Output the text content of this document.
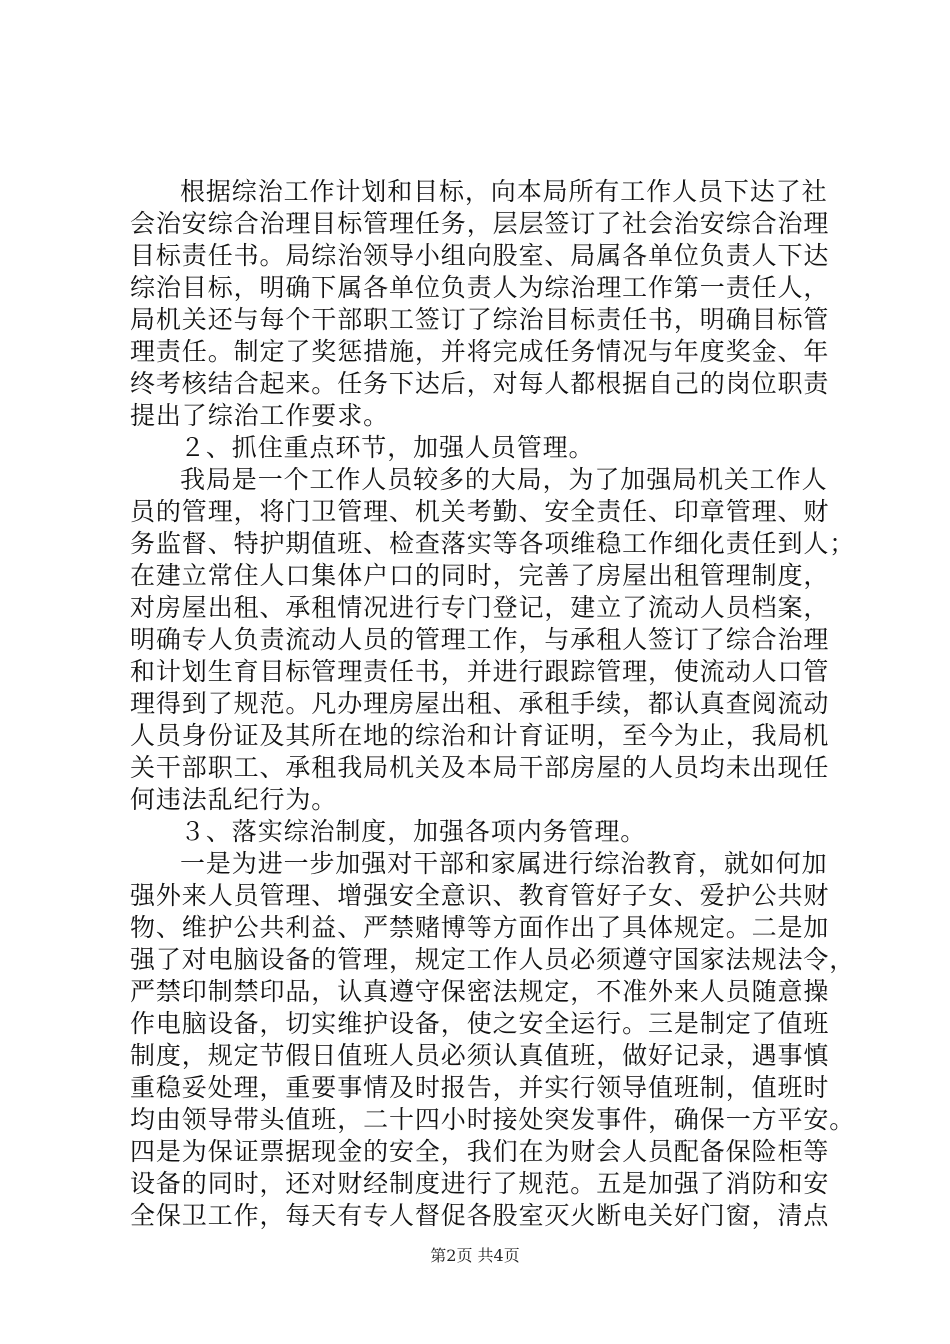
根据综治工作计划和目标，向本局所有工作人员下达了社
会治安综合治理目标管理任务，层层签订了社会治安综合治理
目标责任书。局综治领导小组向股室、局属各单位负责人下达
综治目标，明确下属各单位负责人为综治理工作第一责任人，
局机关还与每个干部职工签订了综治目标责任书，明确目标管
理责任。制定了奖惩措施，并将完成任务情况与年度奖金、年
终考核结合起来。任务下达后，对每人都根据自己的岗位职责
提出了综治工作要求。
２、抓住重点环节，加强人员管理。
我局是一个工作人员较多的大局，为了加强局机关工作人
员的管理，将门卫管理、机关考勤、安全责任、印章管理、财
务监督、特护期值班、检查落实等各项维稳工作细化责任到人；
在建立常住人口集体户口的同时，完善了房屋出租管理制度，
对房屋出租、承租情况进行专门登记，建立了流动人员档案，
明确专人负责流动人员的管理工作，与承租人签订了综合治理
和计划生育目标管理责任书，并进行跟踪管理，使流动人口管
理得到了规范。凡办理房屋出租、承租手续，都认真查阅流动
人员身份证及其所在地的综治和计育证明，至今为止，我局机
关干部职工、承租我局机关及本局干部房屋的人员均未出现任
何违法乱纪行为。
３、落实综治制度，加强各项内务管理。
一是为进一步加强对干部和家属进行综治教育，就如何加
强外来人员管理、增强安全意识、教育管好子女、爱护公共财
物、维护公共利益、严禁赌博等方面作出了具体规定。二是加
强了对电脑设备的管理，规定工作人员必须遵守国家法规法令，
严禁印制禁印品，认真遵守保密法规定，不准外来人员随意操
作电脑设备，切实维护设备，使之安全运行。三是制定了值班
制度，规定节假日值班人员必须认真值班，做好记录，遇事慎
重稳妥处理，重要事情及时报告，并实行领导值班制，值班时
均由领导带头值班，二十四小时接处突发事件，确保一方平安。
四是为保证票据现金的安全，我们在为财会人员配备保险柜等
设备的同时，还对财经制度进行了规范。五是加强了消防和安
全保卫工作，每天有专人督促各股室灭火断电关好门窗，清点
第2页 共4页
